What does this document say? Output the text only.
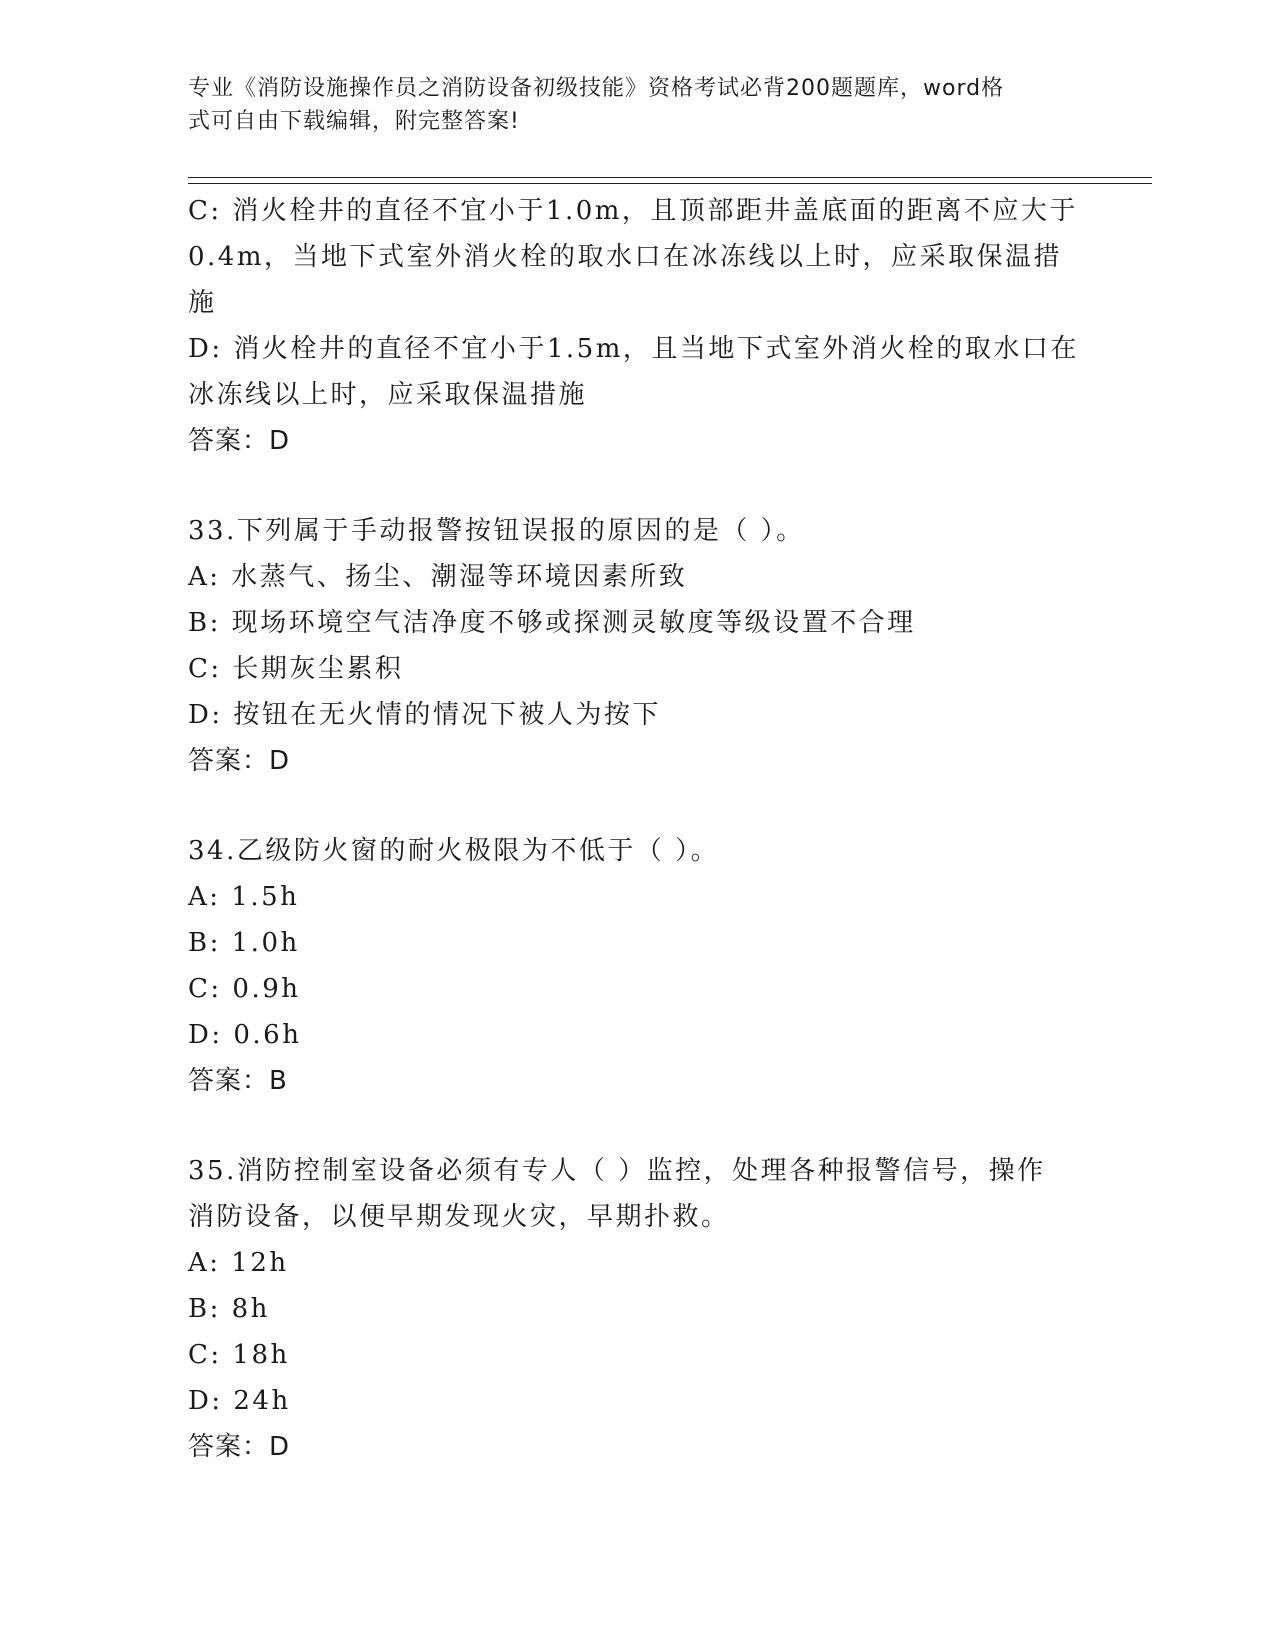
专业《消防设施操作员之消防设备初级技能》资格考试必背200题题库，word格
式可自由下载编辑，附完整答案!
C: 消火栓井的直径不宜小于1.0m，且顶部距井盖底面的距离不应大于
0.4m，当地下式室外消火栓的取水口在冰冻线以上时，应采取保温措
施
D: 消火栓井的直径不宜小于1.5m，且当地下式室外消火栓的取水口在
冰冻线以上时，应采取保温措施
答案：D
33.下列属于手动报警按钮误报的原因的是（ ）。
A: 水蒸气、扬尘、潮湿等环境因素所致
B: 现场环境空气洁净度不够或探测灵敏度等级设置不合理
C: 长期灰尘累积
D: 按钮在无火情的情况下被人为按下
答案：D
34.乙级防火窗的耐火极限为不低于（ ）。
A: 1.5h
B: 1.0h
C: 0.9h
D: 0.6h
答案：B
35.消防控制室设备必须有专人（ ）监控，处理各种报警信号，操作
消防设备，以便早期发现火灾，早期扑救。
A: 12h
B: 8h
C: 18h
D: 24h
答案：D
